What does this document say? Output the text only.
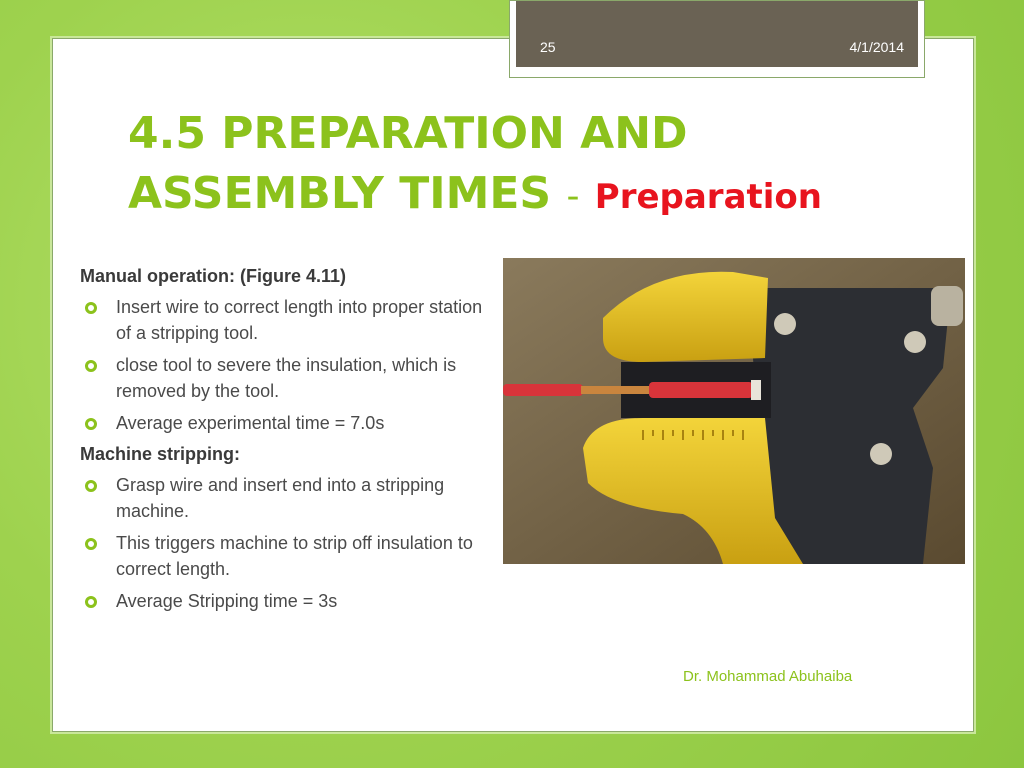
25	4/1/2014
4.5 PREPARATION AND ASSEMBLY TIMES - Preparation

Manual operation: (Figure 4.11)

Insert wire to correct length into proper station of a stripping tool.
close tool to severe the insulation, which is removed by the tool.
Average experimental time = 7.0s

Machine stripping:

Grasp wire and insert end into a stripping machine.
This triggers machine to strip off insulation to correct length.
Average Stripping time = 3s
Dr. Mohammad Abuhaiba
